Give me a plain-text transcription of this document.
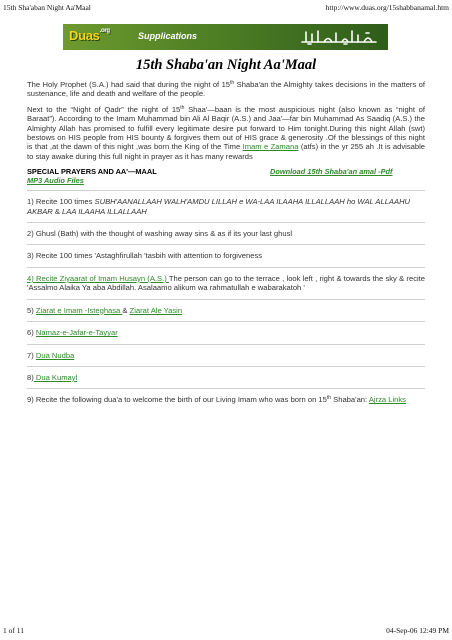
15th Sha'aban Night Aa'Maal	http://www.duas.org/15shabbanamal.htm
Duas$^{.org}$	Supplications
15th Shaba'an Night Aa'Maal

The Holy Prophet (S.A.) had said that during the night of 15th Shaba'an the Almighty takes decisions in the matters of sustenance, life and death and welfare of the people.

Next to the “Night of Qadr” the night of 15th Shaa'—baan is the most auspicious night (also known as “night of Baraat”). According to the Imam Muhammad bin Ali Al Baqir (A.S.) and Jaa'—far bin Muhammad As Saadiq (A.S.) the Almighty Allah has promised to fulfill every legitimate desire put forward to Him tonight.During this night Allah (swt) bestows on HIS people from HIS bounty & forgives them out of HIS grace & generosity .Of the blessings of this night is that ,at the dawn of this night ,was born the King of the Time Imam e Zamana (atfs) in the yr 255 ah .It is advisable to stay awake during this full night in prayer as it has many rewards

SPECIAL PRAYERS AND AA'—MAAL	Download 15th Shaba'an amal -Pdf
MP3 Audio Files

1) Recite 100 times SUBH'AANALLAAH WALH'AMDU LILLAH e WA-LAA ILAAHA ILLALLAAH ho WAL ALLAAHU AKBAR & LAA ILAAHA ILLALLAAH

2) Ghusl (Bath) with the thought of washing away sins & as if its your last ghusl

3) Recite 100 times 'Astaghfirullah 'tasbih with attention to forgiveness

4) Recite Ziyaarat of Imam Husayn (A.S.) The person can go to the terrace , look left , right & towards the sky & recite 'Assalmo Alaika Ya aba Abdillah. Asalaamo alikum wa rahmatullah e wabarakatoh '

5) Ziarat e Imam -Isteghasa & Ziarat Ale Yasin

6) Namaz-e-Jafar-e-Tayyar

7) Dua Nudba

8) Dua Kumayl

9) Recite the following dua'a to welcome the birth of our Living Imam who was born on 15th Shaba'an: Ajrza Links

1 of 11	04-Sep-06 12:49 PM
